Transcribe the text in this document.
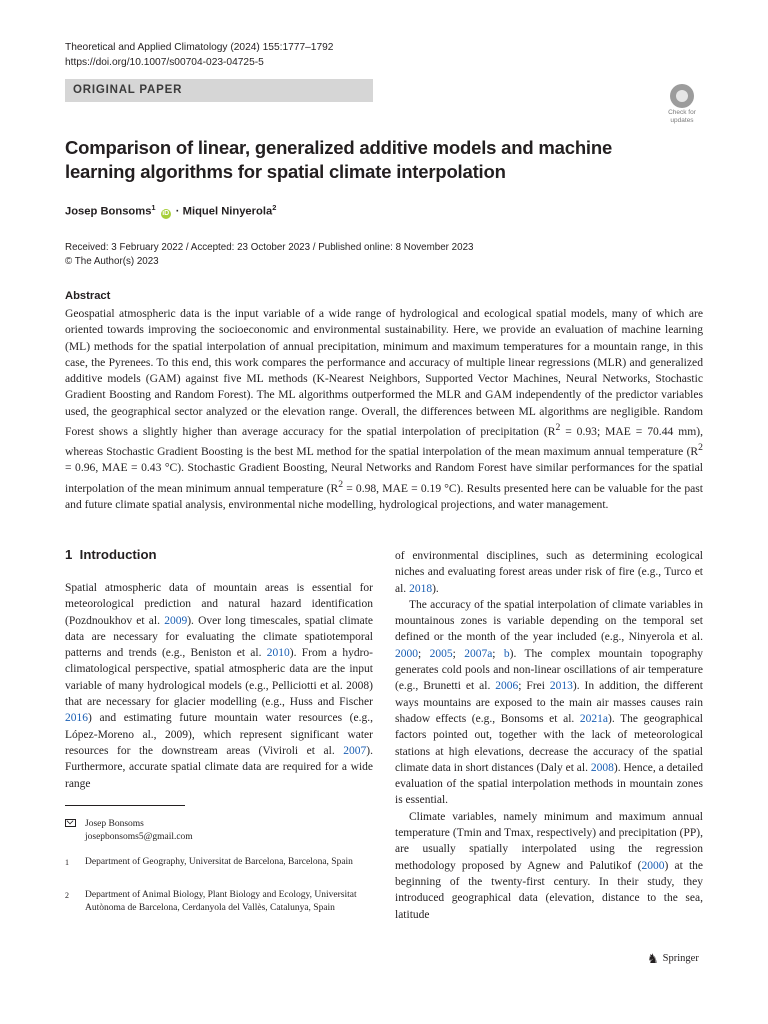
Theoretical and Applied Climatology (2024) 155:1777–1792
https://doi.org/10.1007/s00704-023-04725-5
ORIGINAL PAPER
Check for
updates
Comparison of linear, generalized additive models and machine learning algorithms for spatial climate interpolation
Josep Bonsoms$^1$ iD · Miquel Ninyerola$^2$
Received: 3 February 2022 / Accepted: 23 October 2023 / Published online: 8 November 2023
© The Author(s) 2023
Abstract
Geospatial atmospheric data is the input variable of a wide range of hydrological and ecological spatial models, many of which are oriented towards improving the socioeconomic and environmental sustainability. Here, we provide an evaluation of machine learning (ML) methods for the spatial interpolation of annual precipitation, minimum and maximum temperatures for a mountain range, in this case, the Pyrenees. To this end, this work compares the performance and accuracy of multiple linear regressions (MLR) and generalized additive models (GAM) against five ML methods (K-Nearest Neighbors, Supported Vector Machines, Neural Networks, Stochastic Gradient Boosting and Random Forest). The ML algorithms outperformed the MLR and GAM independently of the predictor variables used, the geographical sector analyzed or the elevation range. Overall, the differences between ML algorithms are negligible. Random Forest shows a slightly higher than average accuracy for the spatial interpolation of precipitation ($R^2 = 0.93$; MAE = 70.44 mm), whereas Stochastic Gradient Boosting is the best ML method for the spatial interpolation of the mean maximum annual temperature ($R^2 = 0.96$, MAE = 0.43 °C). Stochastic Gradient Boosting, Neural Networks and Random Forest have similar performances for the spatial interpolation of the mean minimum annual temperature ($R^2 = 0.98$, MAE = 0.19 °C). Results presented here can be valuable for the past and future climate spatial analysis, environmental niche modelling, hydrological projections, and water management.
1 Introduction
Spatial atmospheric data of mountain areas is essential for meteorological prediction and natural hazard identification (Pozdnoukhov et al. 2009). Over long timescales, spatial climate data are necessary for evaluating the climate spatiotemporal patterns and trends (e.g., Beniston et al. 2010). From a hydro-climatological perspective, spatial atmospheric data are the input variable of many hydrological models (e.g., Pelliciotti et al. 2008) that are necessary for glacier modelling (e.g., Huss and Fischer 2016) and estimating future mountain water resources (e.g., López-Moreno al., 2009), which represent significant water resources for the downstream areas (Viviroli et al. 2007). Furthermore, accurate spatial climate data are required for a wide range

of environmental disciplines, such as determining ecological niches and evaluating forest areas under risk of fire (e.g., Turco et al. 2018).

The accuracy of the spatial interpolation of climate variables in mountainous zones is variable depending on the temporal set defined or the month of the year included (e.g., Ninyerola et al. 2000; 2005; 2007a; b). The complex mountain topography generates cold pools and non-linear oscillations of air temperature (e.g., Brunetti et al. 2006; Frei 2013). In addition, the different ways mountains are exposed to the main air masses causes rain shadow effects (e.g., Bonsoms et al. 2021a). The geographical factors pointed out, together with the lack of meteorological stations at high elevations, decrease the accuracy of the spatial climate data in short distances (Daly et al. 2008). Hence, a detailed evaluation of the spatial interpolation methods in mountain zones is essential.

Climate variables, namely minimum and maximum annual temperature (Tmin and Tmax, respectively) and precipitation (PP), are usually spatially interpolated using the regression methodology proposed by Agnew and Palutikof (2000) at the beginning of the twenty-first century. In their study, they introduced geographical data (elevation, distance to the sea, latitude

Josep Bonsoms
josepbonsoms5@gmail.com
1	Department of Geography, Universitat de Barcelona, Barcelona, Spain
2	Department of Animal Biology, Plant Biology and Ecology, Universitat Autònoma de Barcelona, Cerdanyola del Vallès, Catalunya, Spain
♞ Springer
